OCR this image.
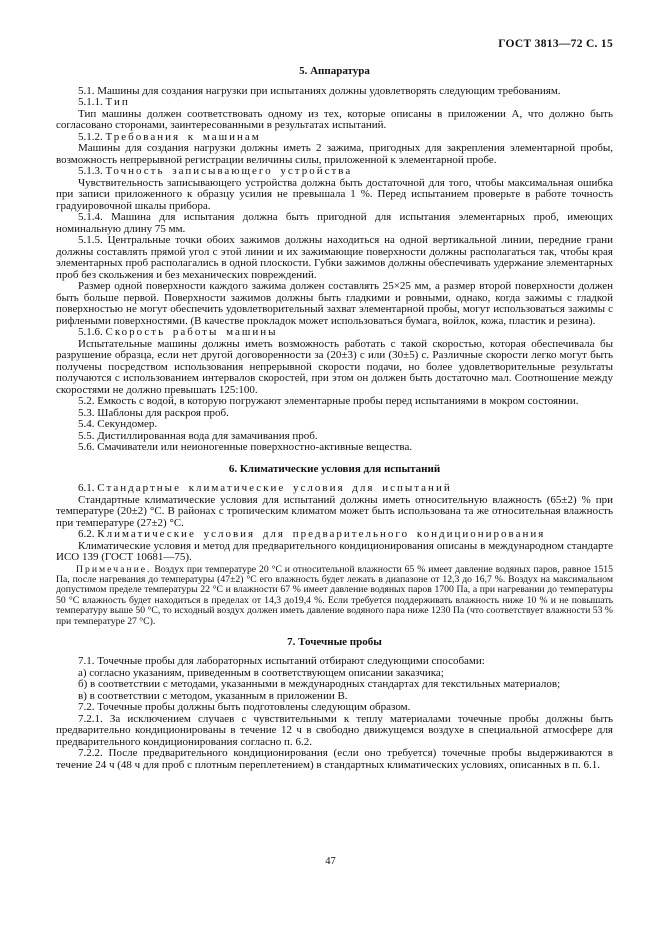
ГОСТ 3813—72 С. 15
5. Аппаратура
5.1. Машины для создания нагрузки при испытаниях должны удовлетворять следующим требованиям.
5.1.1. Тип
Тип машины должен соответствовать одному из тех, которые описаны в приложении А, что должно быть согласовано сторонами, заинтересованными в результатах испытаний.
5.1.2. Требования к машинам
Машины для создания нагрузки должны иметь 2 зажима, пригодных для закрепления элементарной пробы, возможность непрерывной регистрации величины силы, приложенной к элементарной пробе.
5.1.3. Точность записывающего устройства
Чувствительность записывающего устройства должна быть достаточной для того, чтобы максимальная ошибка при записи приложенного к образцу усилия не превышала 1 %. Перед испытанием проверьте в работе точность градуировочной шкалы прибора.
5.1.4. Машина для испытания должна быть пригодной для испытания элементарных проб, имеющих номинальную длину 75 мм.
5.1.5. Центральные точки обоих зажимов должны находиться на одной вертикальной линии, передние грани должны составлять прямой угол с этой линии и их зажимающие поверхности должны располагаться так, чтобы края элементарных проб располагались в одной плоскости. Губки зажимов должны обеспечивать удержание элементарных проб без скольжения и без механических повреждений.
Размер одной поверхности каждого зажима должен составлять 25×25 мм, а размер второй поверхности должен быть больше первой. Поверхности зажимов должны быть гладкими и ровными, однако, когда зажимы с гладкой поверхностью не могут обеспечить удовлетворительный захват элементарной пробы, могут использоваться зажимы с рифлеными поверхностями. (В качестве прокладок может использоваться бумага, войлок, кожа, пластик и резина).
5.1.6. Скорость работы машины
Испытательные машины должны иметь возможность работать с такой скоростью, которая обеспечивала бы разрушение образца, если нет другой договоренности за (20±3) с или (30±5) с. Различные скорости легко могут быть получены посредством использования непрерывной скорости подачи, но более удовлетворительные результаты получаются с использованием интервалов скоростей, при этом он должен быть достаточно мал. Соотношение между скоростями не должно превышать 125:100.
5.2. Емкость с водой, в которую погружают элементарные пробы перед испытаниями в мокром состоянии.
5.3. Шаблоны для раскроя проб.
5.4. Секундомер.
5.5. Дистиллированная вода для замачивания проб.
5.6. Смачиватели или неионогенные поверхностно-активные вещества.
6. Климатические условия для испытаний
6.1. Стандартные климатические условия для испытаний
Стандартные климатические условия для испытаний должны иметь относительную влажность (65±2) % при температуре (20±2) °С. В районах с тропическим климатом может быть использована та же относительная влажность при температуре (27±2) °С.
6.2. Климатические условия для предварительного кондиционирования
Климатические условия и метод для предварительного кондиционирования описаны в международном стандарте ИСО 139 (ГОСТ 10681—75).
Примечание. Воздух при температуре 20 °С и относительной влажности 65 % имеет давление водяных паров, равное 1515 Па, после нагревания до температуры (47±2) °С его влажность будет лежать в диапазоне от 12,3 до 16,7 %. Воздух на максимальном допустимом пределе температуры 22 °С и влажности 67 % имеет давление водяных паров 1700 Па, а при нагревании до температуры 50 °С влажность будет находиться в пределах от 14,3 до19,4 %. Если требуется поддерживать влажность ниже 10 % и не повышать температуру выше 50 °С, то исходный воздух должен иметь давление водяного пара ниже 1230 Па (что соответствует влажности 53 % при температуре 27 °С).
7. Точечные пробы
7.1. Точечные пробы для лабораторных испытаний отбирают следующими способами:
а) согласно указаниям, приведенным в соответствующем описании заказчика;
б) в соответствии с методами, указанными в международных стандартах для текстильных материалов;
в) в соответствии с методом, указанным в приложении В.
7.2. Точечные пробы должны быть подготовлены следующим образом.
7.2.1. За исключением случаев с чувствительными к теплу материалами точечные пробы должны быть предварительно кондиционированы в течение 12 ч в свободно движущемся воздухе в специальной атмосфере для предварительного кондиционирования согласно п. 6.2.
7.2.2. После предварительного кондиционирования (если оно требуется) точечные пробы выдерживаются в течение 24 ч (48 ч для проб с плотным переплетением) в стандартных климатических условиях, описанных в п. 6.1.
47
